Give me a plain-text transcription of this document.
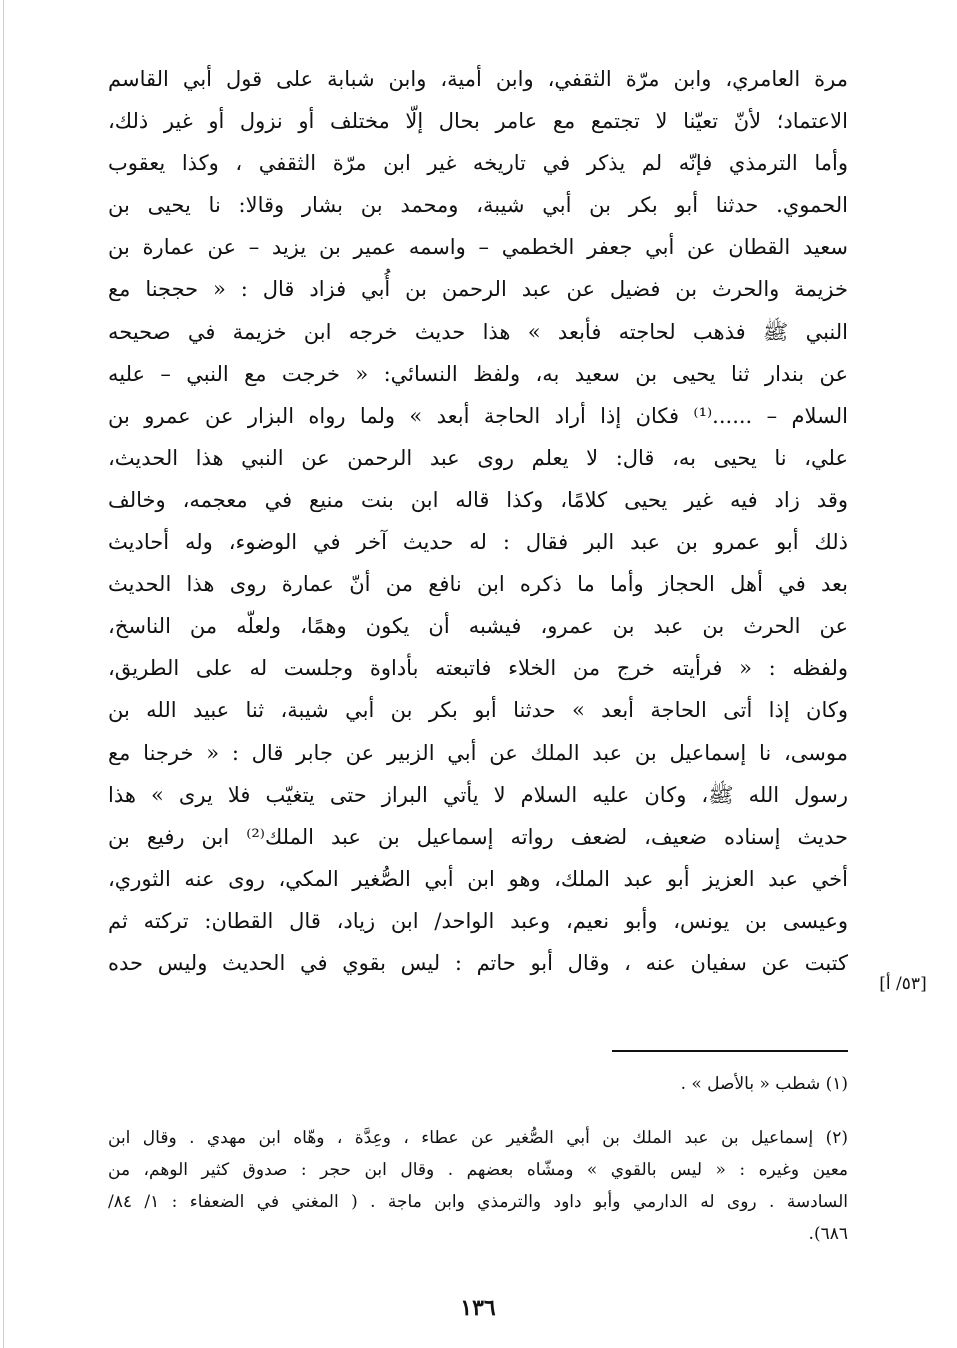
مرة العامري، وابن مرّة الثقفي، وابن أمية، وابن شبابة على قول أبي القاسم
الاعتماد؛ لأنّ تعيّنا لا تجتمع مع عامر بحال إلّا مختلف أو نزول أو غير ذلك،
وأما الترمذي فإنّه لم يذكر في تاريخه غير ابن مرّة الثقفي ، وكذا يعقوب
الحموي. حدثنا أبو بكر بن أبي شيبة، ومحمد بن بشار وقالا: نا يحيى بن
سعيد القطان عن أبي جعفر الخطمي – واسمه عمير بن يزيد – عن عمارة بن
خزيمة والحرث بن فضيل عن عبد الرحمن بن أُبي فزاد قال : « حججنا مع
النبي ﷺ فذهب لحاجته فأبعد » هذا حديث خرجه ابن خزيمة في صحيحه
عن بندار ثنا يحيى بن سعيد به، ولفظ النسائي: « خرجت مع النبي – عليه
السلام – ......⁽¹⁾ فكان إذا أراد الحاجة أبعد » ولما رواه البزار عن عمرو بن
علي، نا يحيى به، قال: لا يعلم روى عبد الرحمن عن النبي هذا الحديث،
وقد زاد فيه غير يحيى كلامًا، وكذا قاله ابن بنت منيع في معجمه، وخالف
ذلك أبو عمرو بن عبد البر فقال : له حديث آخر في الوضوء، وله أحاديث
بعد في أهل الحجاز وأما ما ذكره ابن نافع من أنّ عمارة روى هذا الحديث
عن الحرث بن عبد بن عمرو، فيشبه أن يكون وهمًا، ولعلّه من الناسخ،
ولفظه : « فرأيته خرج من الخلاء فاتبعته بأداوة وجلست له على الطريق،
وكان إذا أتى الحاجة أبعد » حدثنا أبو بكر بن أبي شيبة، ثنا عبيد الله بن
موسى، نا إسماعيل بن عبد الملك عن أبي الزبير عن جابر قال : « خرجنا مع
رسول الله ﷺ، وكان عليه السلام لا يأتي البراز حتى يتغيّب فلا يرى » هذا
حديث إسناده ضعيف، لضعف رواته إسماعيل بن عبد الملك⁽²⁾ ابن رفيع بن
أخي عبد العزيز أبو عبد الملك، وهو ابن أبي الصُّغير المكي، روى عنه الثوري،
وعيسى بن يونس، وأبو نعيم، وعبد الواحد/ ابن زياد، قال القطان: تركته ثم
كتبت عن سفيان عنه ، وقال أبو حاتم : ليس بقوي في الحديث وليس حده
[٥٣/ أ]
(١) شطب « بالأصل » .
(٢) إسماعيل بن عبد الملك بن أبي الصُّغير عن عطاء ، وعِدَّة ، وهّاه ابن مهدي . وقال ابن
معين وغيره : « ليس بالقوي » ومشّاه بعضهم . وقال ابن حجر : صدوق كثير الوهم، من
السادسة . روى له الدارمي وأبو داود والترمذي وابن ماجة . ( المغني في الضعفاء : ١/ ٨٤/
٦٨٦).
١٣٦
